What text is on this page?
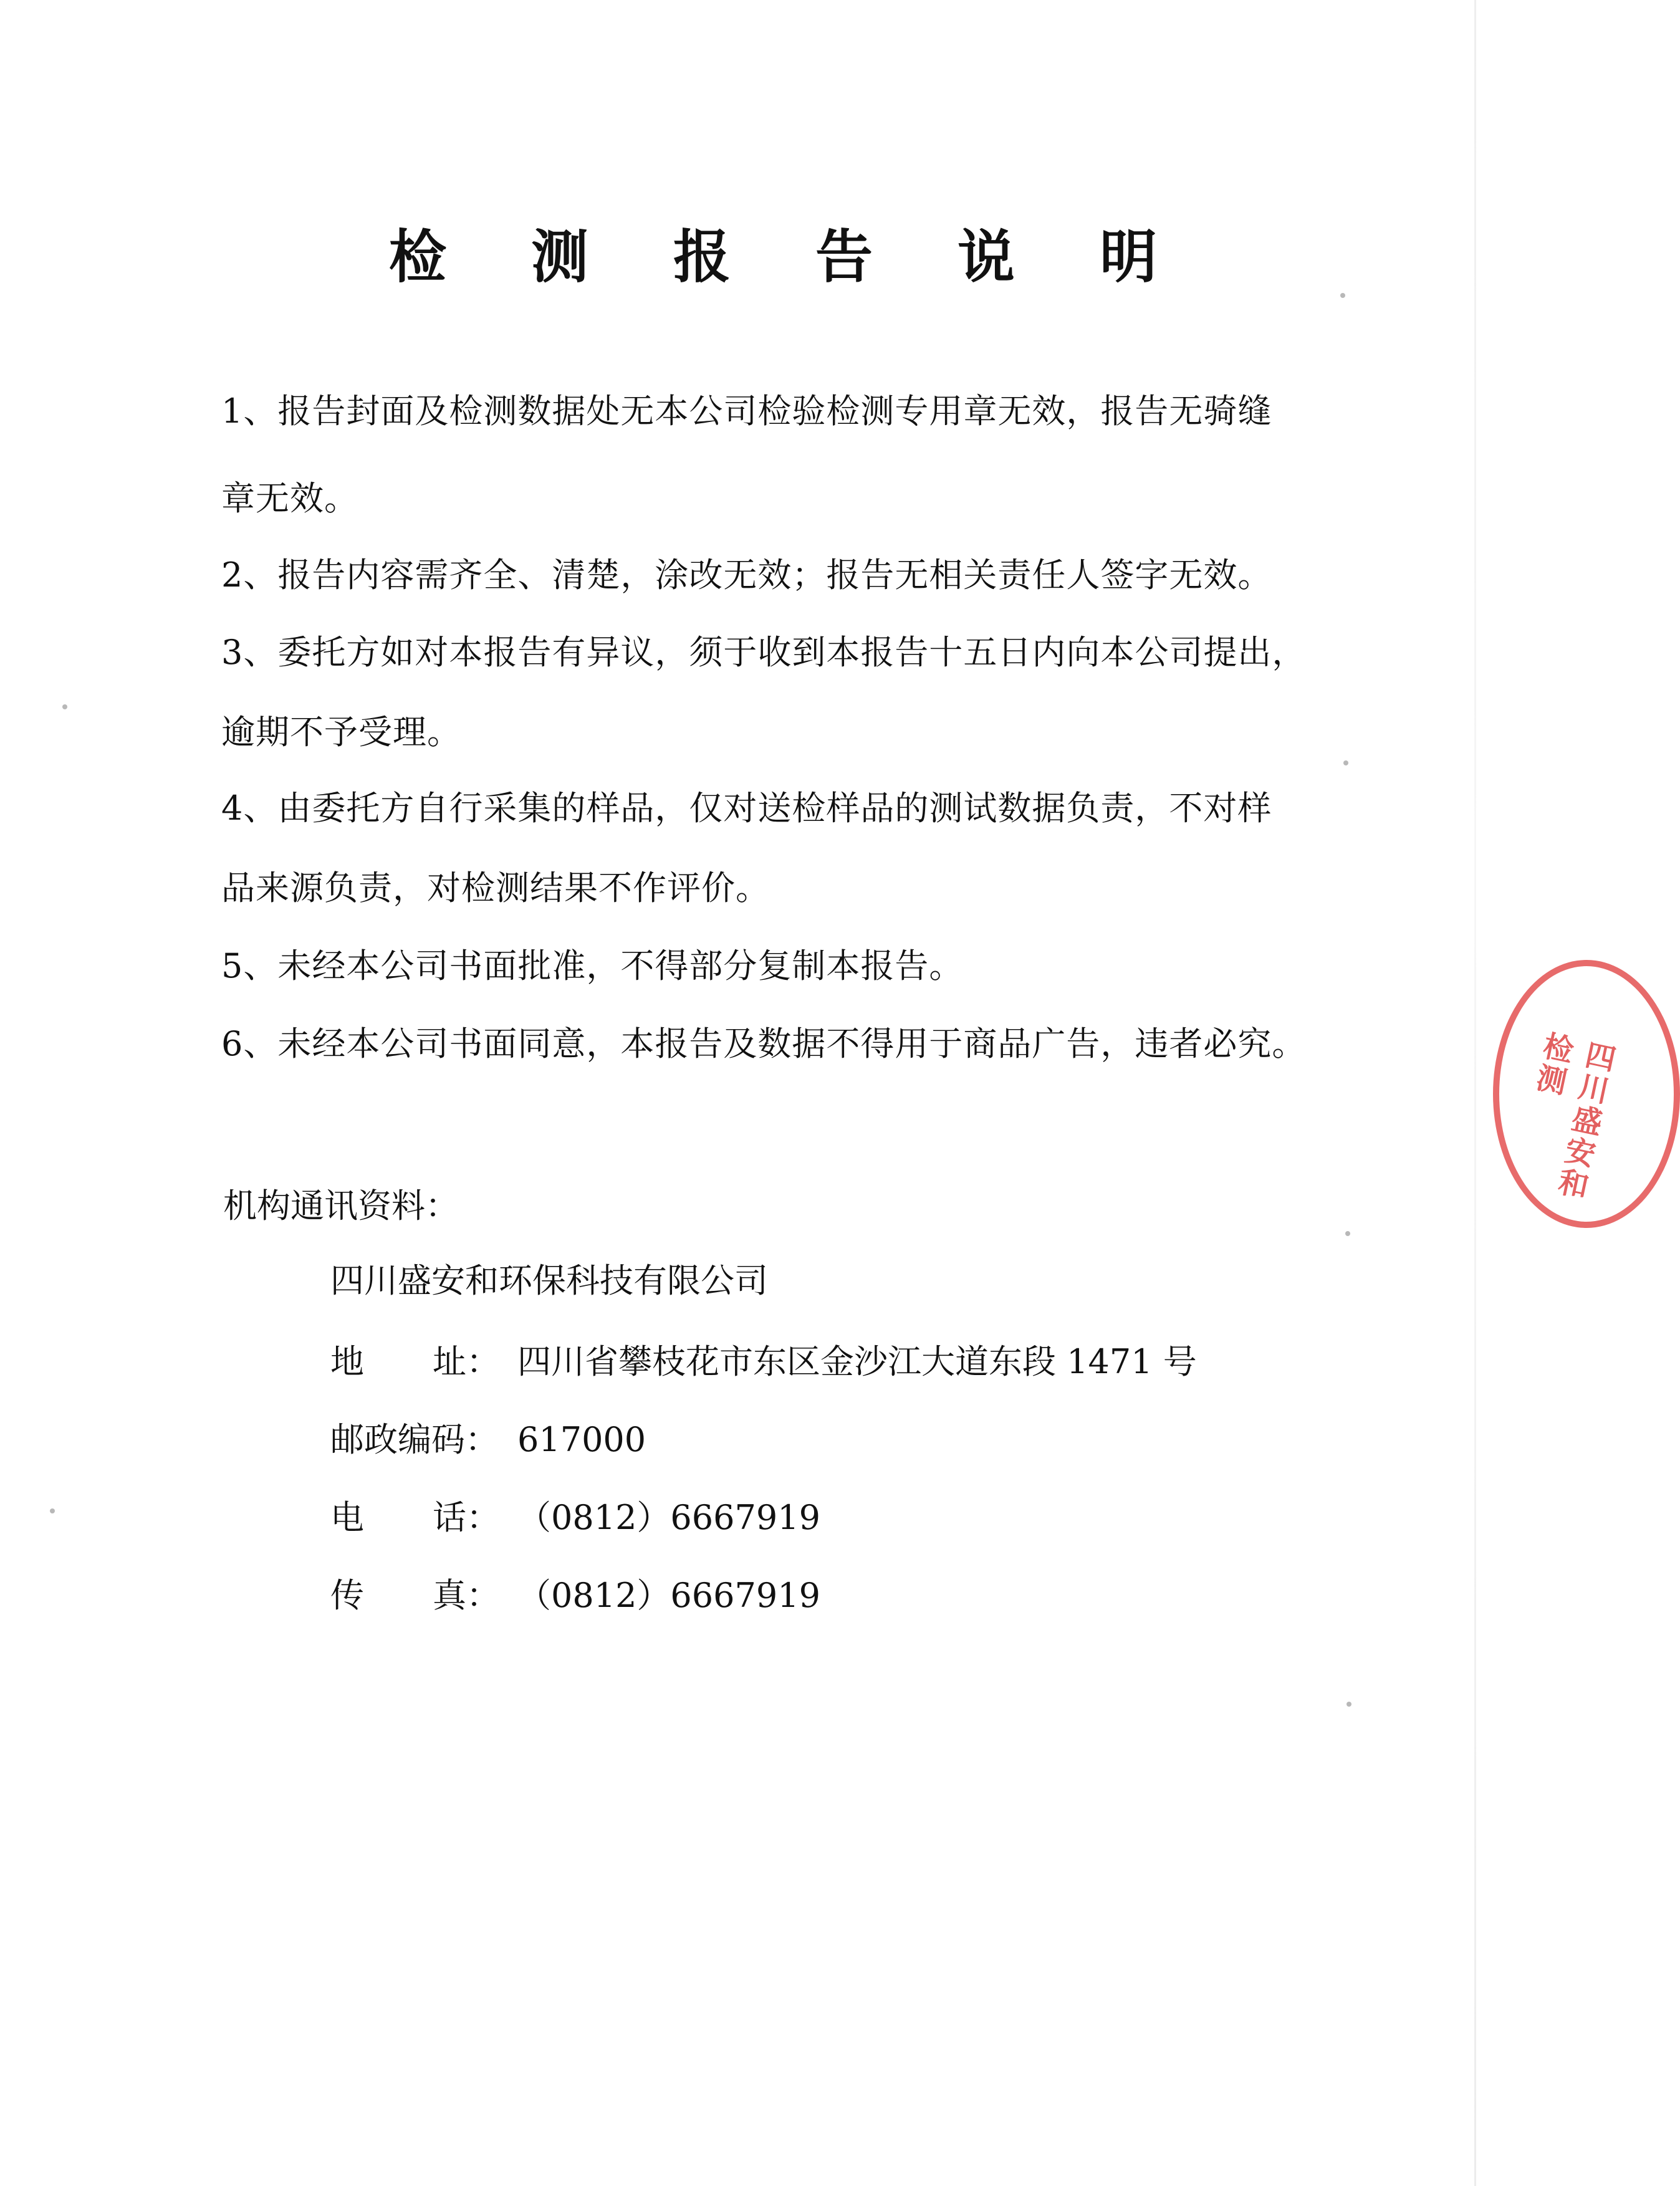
检 测 报 告 说 明
1、报告封面及检测数据处无本公司检验检测专用章无效，报告无骑缝
章无效。
2、报告内容需齐全、清楚，涂改无效；报告无相关责任人签字无效。
3、委托方如对本报告有异议，须于收到本报告十五日内向本公司提出，
逾期不予受理。
4、由委托方自行采集的样品，仅对送检样品的测试数据负责，不对样
品来源负责，对检测结果不作评价。
5、未经本公司书面批准，不得部分复制本报告。
6、未经本公司书面同意，本报告及数据不得用于商品广告，违者必究。
机构通讯资料：
四川盛安和环保科技有限公司
地 址： 四川省攀枝花市东区金沙江大道东段 1471 号
邮政编码： 617000
电 话： （0812）6667919
传 真： （0812）6667919
四川盛安和检测
